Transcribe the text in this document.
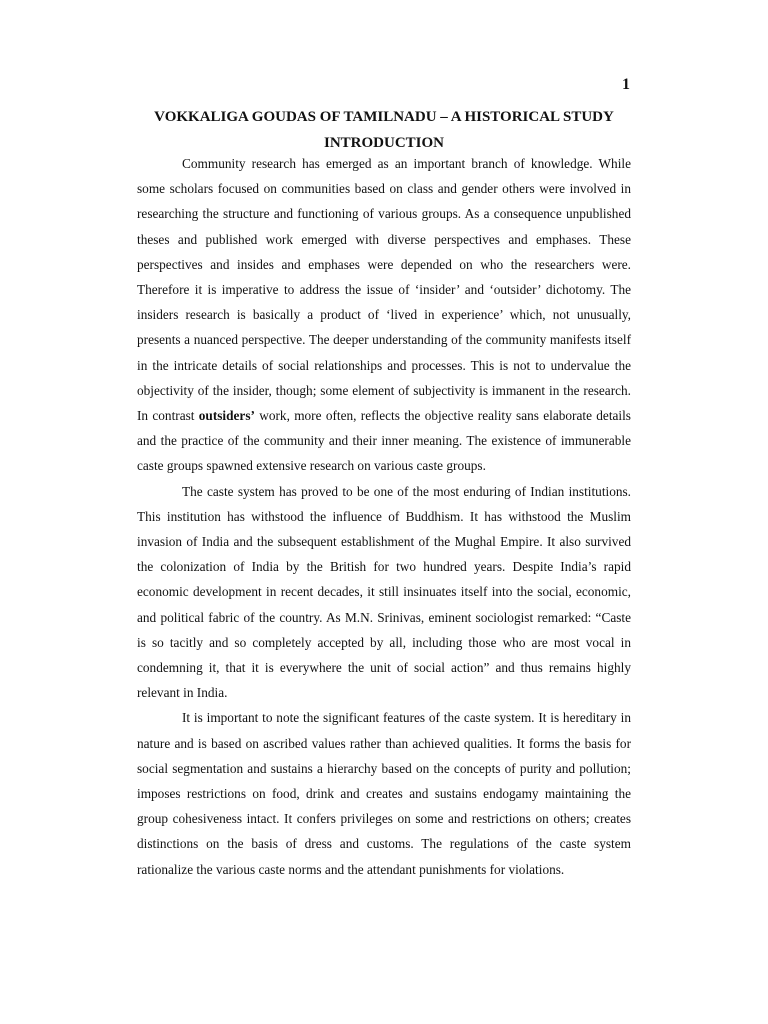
1
VOKKALIGA GOUDAS OF TAMILNADU – A HISTORICAL STUDY
INTRODUCTION

Community research has emerged as an important branch of knowledge. While some scholars focused on communities based on class and gender others were involved in researching the structure and functioning of various groups. As a consequence unpublished theses and published work emerged with diverse perspectives and emphases. These perspectives and insides and emphases were depended on who the researchers were. Therefore it is imperative to address the issue of ‘insider’ and ‘outsider’ dichotomy. The insiders research is basically a product of ‘lived in experience’ which, not unusually, presents a nuanced perspective. The deeper understanding of the community manifests itself in the intricate details of social relationships and processes. This is not to undervalue the objectivity of the insider, though; some element of subjectivity is immanent in the research. In contrast outsiders’ work, more often, reflects the objective reality sans elaborate details and the practice of the community and their inner meaning. The existence of immunerable caste groups spawned extensive research on various caste groups.

The caste system has proved to be one of the most enduring of Indian institutions. This institution has withstood the influence of Buddhism. It has withstood the Muslim invasion of India and the subsequent establishment of the Mughal Empire. It also survived the colonization of India by the British for two hundred years. Despite India’s rapid economic development in recent decades, it still insinuates itself into the social, economic, and political fabric of the country. As M.N. Srinivas, eminent sociologist remarked: “Caste is so tacitly and so completely accepted by all, including those who are most vocal in condemning it, that it is everywhere the unit of social action” and thus remains highly relevant in India.

It is important to note the significant features of the caste system. It is hereditary in nature and is based on ascribed values rather than achieved qualities. It forms the basis for social segmentation and sustains a hierarchy based on the concepts of purity and pollution; imposes restrictions on food, drink and creates and sustains endogamy maintaining the group cohesiveness intact. It confers privileges on some and restrictions on others; creates distinctions on the basis of dress and customs. The regulations of the caste system rationalize the various caste norms and the attendant punishments for violations.
